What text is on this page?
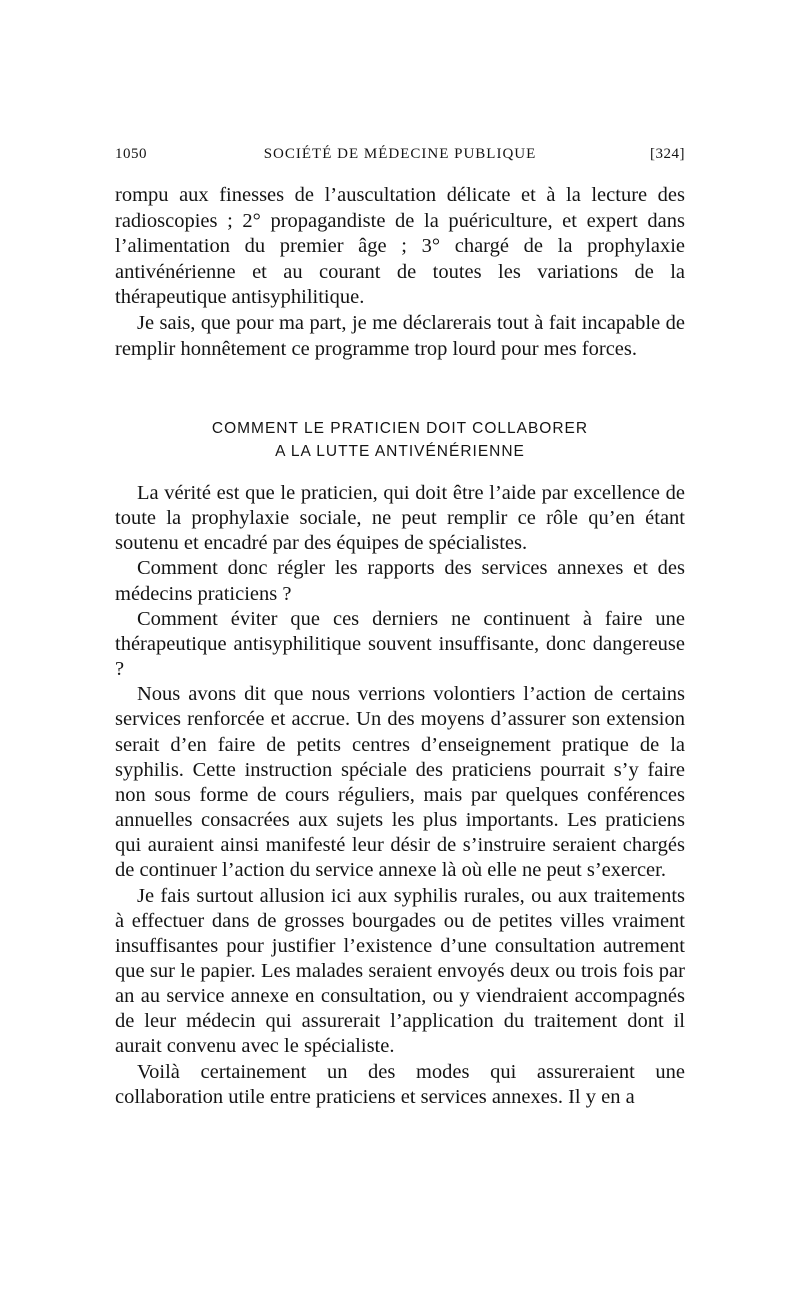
1050	SOCIÉTÉ DE MÉDECINE PUBLIQUE	[324]

rompu aux finesses de l’auscultation délicate et à la lecture des radioscopies ; 2° propagandiste de la puériculture, et expert dans l’alimentation du premier âge ; 3° chargé de la prophylaxie antivénérienne et au courant de toutes les variations de la thérapeutique antisyphilitique.

Je sais, que pour ma part, je me déclarerais tout à fait incapable de remplir honnêtement ce programme trop lourd pour mes forces.

COMMENT LE PRATICIEN DOIT COLLABORER
A LA LUTTE ANTIVÉNÉRIENNE

La vérité est que le praticien, qui doit être l’aide par excellence de toute la prophylaxie sociale, ne peut remplir ce rôle qu’en étant soutenu et encadré par des équipes de spécialistes.

Comment donc régler les rapports des services annexes et des médecins praticiens ?

Comment éviter que ces derniers ne continuent à faire une thérapeutique antisyphilitique souvent insuffisante, donc dangereuse ?

Nous avons dit que nous verrions volontiers l’action de certains services renforcée et accrue. Un des moyens d’assurer son extension serait d’en faire de petits centres d’enseignement pratique de la syphilis. Cette instruction spéciale des praticiens pourrait s’y faire non sous forme de cours réguliers, mais par quelques conférences annuelles consacrées aux sujets les plus importants. Les praticiens qui auraient ainsi manifesté leur désir de s’instruire seraient chargés de continuer l’action du service annexe là où elle ne peut s’exercer.

Je fais surtout allusion ici aux syphilis rurales, ou aux traitements à effectuer dans de grosses bourgades ou de petites villes vraiment insuffisantes pour justifier l’existence d’une consultation autrement que sur le papier. Les malades seraient envoyés deux ou trois fois par an au service annexe en consultation, ou y viendraient accompagnés de leur médecin qui assurerait l’application du traitement dont il aurait convenu avec le spécialiste.

Voilà certainement un des modes qui assureraient une collaboration utile entre praticiens et services annexes. Il y en a
